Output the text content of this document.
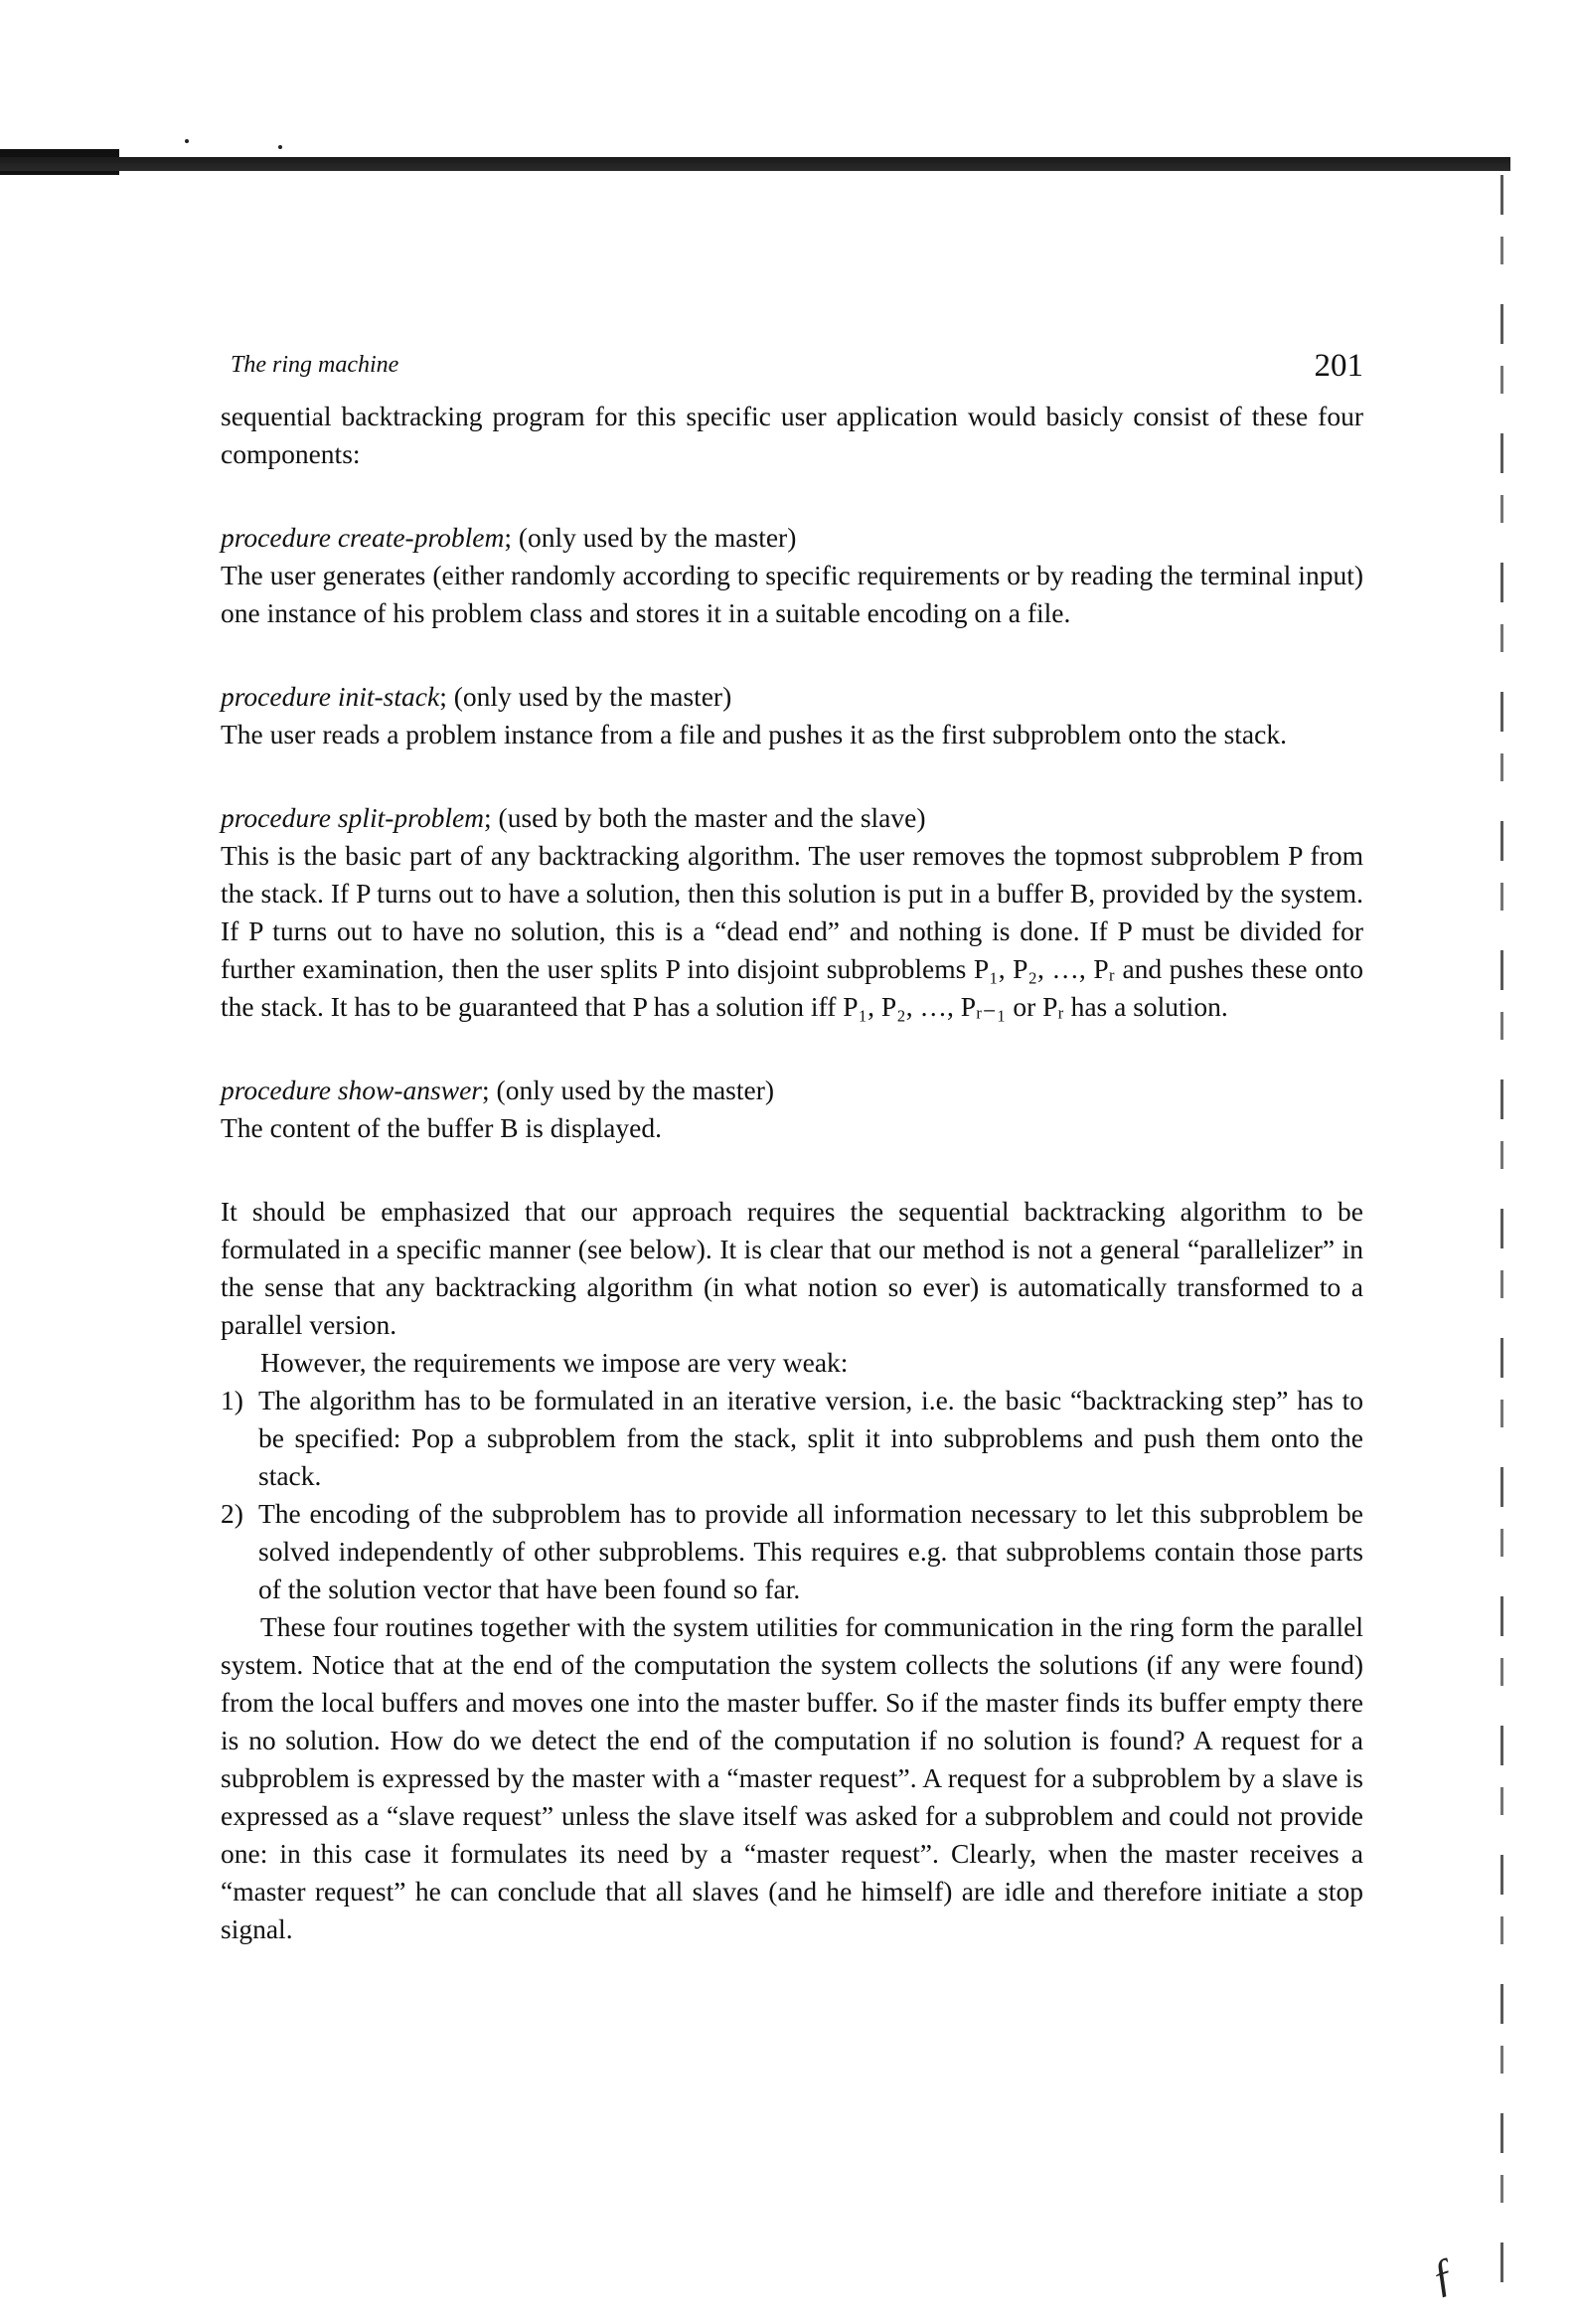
The ring machine	201

sequential backtracking program for this specific user application would basicly consist of these four components:

procedure create-problem; (only used by the master)

The user generates (either randomly according to specific requirements or by reading the terminal input) one instance of his problem class and stores it in a suitable encoding on a file.

procedure init-stack; (only used by the master)

The user reads a problem instance from a file and pushes it as the first subproblem onto the stack.

procedure split-problem; (used by both the master and the slave)

This is the basic part of any backtracking algorithm. The user removes the topmost subproblem P from the stack. If P turns out to have a solution, then this solution is put in a buffer B, provided by the system. If P turns out to have no solution, this is a “dead end” and nothing is done. If P must be divided for further examination, then the user splits P into disjoint subproblems P₁, P₂, …, Pᵣ and pushes these onto the stack. It has to be guaranteed that P has a solution iff P₁, P₂, …, Pᵣ₋₁ or Pᵣ has a solution.

procedure show-answer; (only used by the master)

The content of the buffer B is displayed.

It should be emphasized that our approach requires the sequential backtracking algorithm to be formulated in a specific manner (see below). It is clear that our method is not a general “parallelizer” in the sense that any backtracking algorithm (in what notion so ever) is automatically transformed to a parallel version.

However, the requirements we impose are very weak:

1) The algorithm has to be formulated in an iterative version, i.e. the basic “backtracking step” has to be specified: Pop a subproblem from the stack, split it into subproblems and push them onto the stack.
2) The encoding of the subproblem has to provide all information necessary to let this subproblem be solved independently of other subproblems. This requires e.g. that subproblems contain those parts of the solution vector that have been found so far.

These four routines together with the system utilities for communication in the ring form the parallel system. Notice that at the end of the computation the system collects the solutions (if any were found) from the local buffers and moves one into the master buffer. So if the master finds its buffer empty there is no solution. How do we detect the end of the computation if no solution is found? A request for a subproblem is expressed by the master with a “master request”. A request for a subproblem by a slave is expressed as a “slave request” unless the slave itself was asked for a subproblem and could not provide one: in this case it formulates its need by a “master request”. Clearly, when the master receives a “master request” he can conclude that all slaves (and he himself) are idle and therefore initiate a stop signal.

ƒ
